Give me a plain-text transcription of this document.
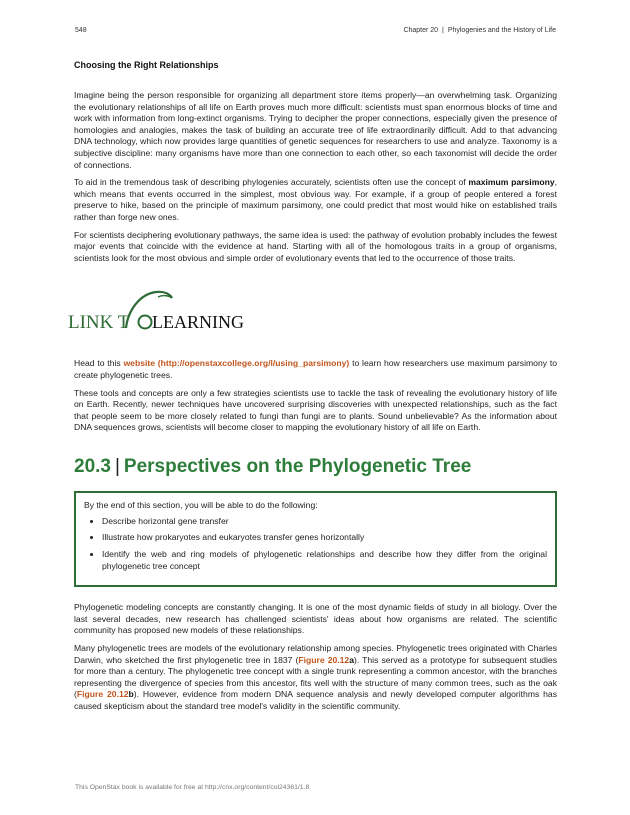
548	Chapter 20 | Phylogenies and the History of Life
Choosing the Right Relationships

Imagine being the person responsible for organizing all department store items properly—an overwhelming task. Organizing the evolutionary relationships of all life on Earth proves much more difficult: scientists must span enormous blocks of time and work with information from long-extinct organisms. Trying to decipher the proper connections, especially given the presence of homologies and analogies, makes the task of building an accurate tree of life extraordinarily difficult. Add to that advancing DNA technology, which now provides large quantities of genetic sequences for researchers to use and analyze. Taxonomy is a subjective discipline: many organisms have more than one connection to each other, so each taxonomist will decide the order of connections.

To aid in the tremendous task of describing phylogenies accurately, scientists often use the concept of maximum parsimony, which means that events occurred in the simplest, most obvious way. For example, if a group of people entered a forest preserve to hike, based on the principle of maximum parsimony, one could predict that most would hike on established trails rather than forge new ones.

For scientists deciphering evolutionary pathways, the same idea is used: the pathway of evolution probably includes the fewest major events that coincide with the evidence at hand. Starting with all of the homologous traits in a group of organisms, scientists look for the most obvious and simple order of evolutionary events that led to the occurrence of those traits.

LINK T LEARNING

Head to this website (http://openstaxcollege.org/l/using_parsimony) to learn how researchers use maximum parsimony to create phylogenetic trees.

These tools and concepts are only a few strategies scientists use to tackle the task of revealing the evolutionary history of life on Earth. Recently, newer techniques have uncovered surprising discoveries with unexpected relationships, such as the fact that people seem to be more closely related to fungi than fungi are to plants. Sound unbelievable? As the information about DNA sequences grows, scientists will become closer to mapping the evolutionary history of all life on Earth.

20.3 | Perspectives on the Phylogenetic Tree

By the end of this section, you will be able to do the following:

• Describe horizontal gene transfer
• Illustrate how prokaryotes and eukaryotes transfer genes horizontally
• Identify the web and ring models of phylogenetic relationships and describe how they differ from the original phylogenetic tree concept

Phylogenetic modeling concepts are constantly changing. It is one of the most dynamic fields of study in all biology. Over the last several decades, new research has challenged scientists' ideas about how organisms are related. The scientific community has proposed new models of these relationships.

Many phylogenetic trees are models of the evolutionary relationship among species. Phylogenetic trees originated with Charles Darwin, who sketched the first phylogenetic tree in 1837 (Figure 20.12a). This served as a prototype for subsequent studies for more than a century. The phylogenetic tree concept with a single trunk representing a common ancestor, with the branches representing the divergence of species from this ancestor, fits well with the structure of many common trees, such as the oak (Figure 20.12b). However, evidence from modern DNA sequence analysis and newly developed computer algorithms has caused skepticism about the standard tree model's validity in the scientific community.

This OpenStax book is available for free at http://cnx.org/content/col24361/1.8
